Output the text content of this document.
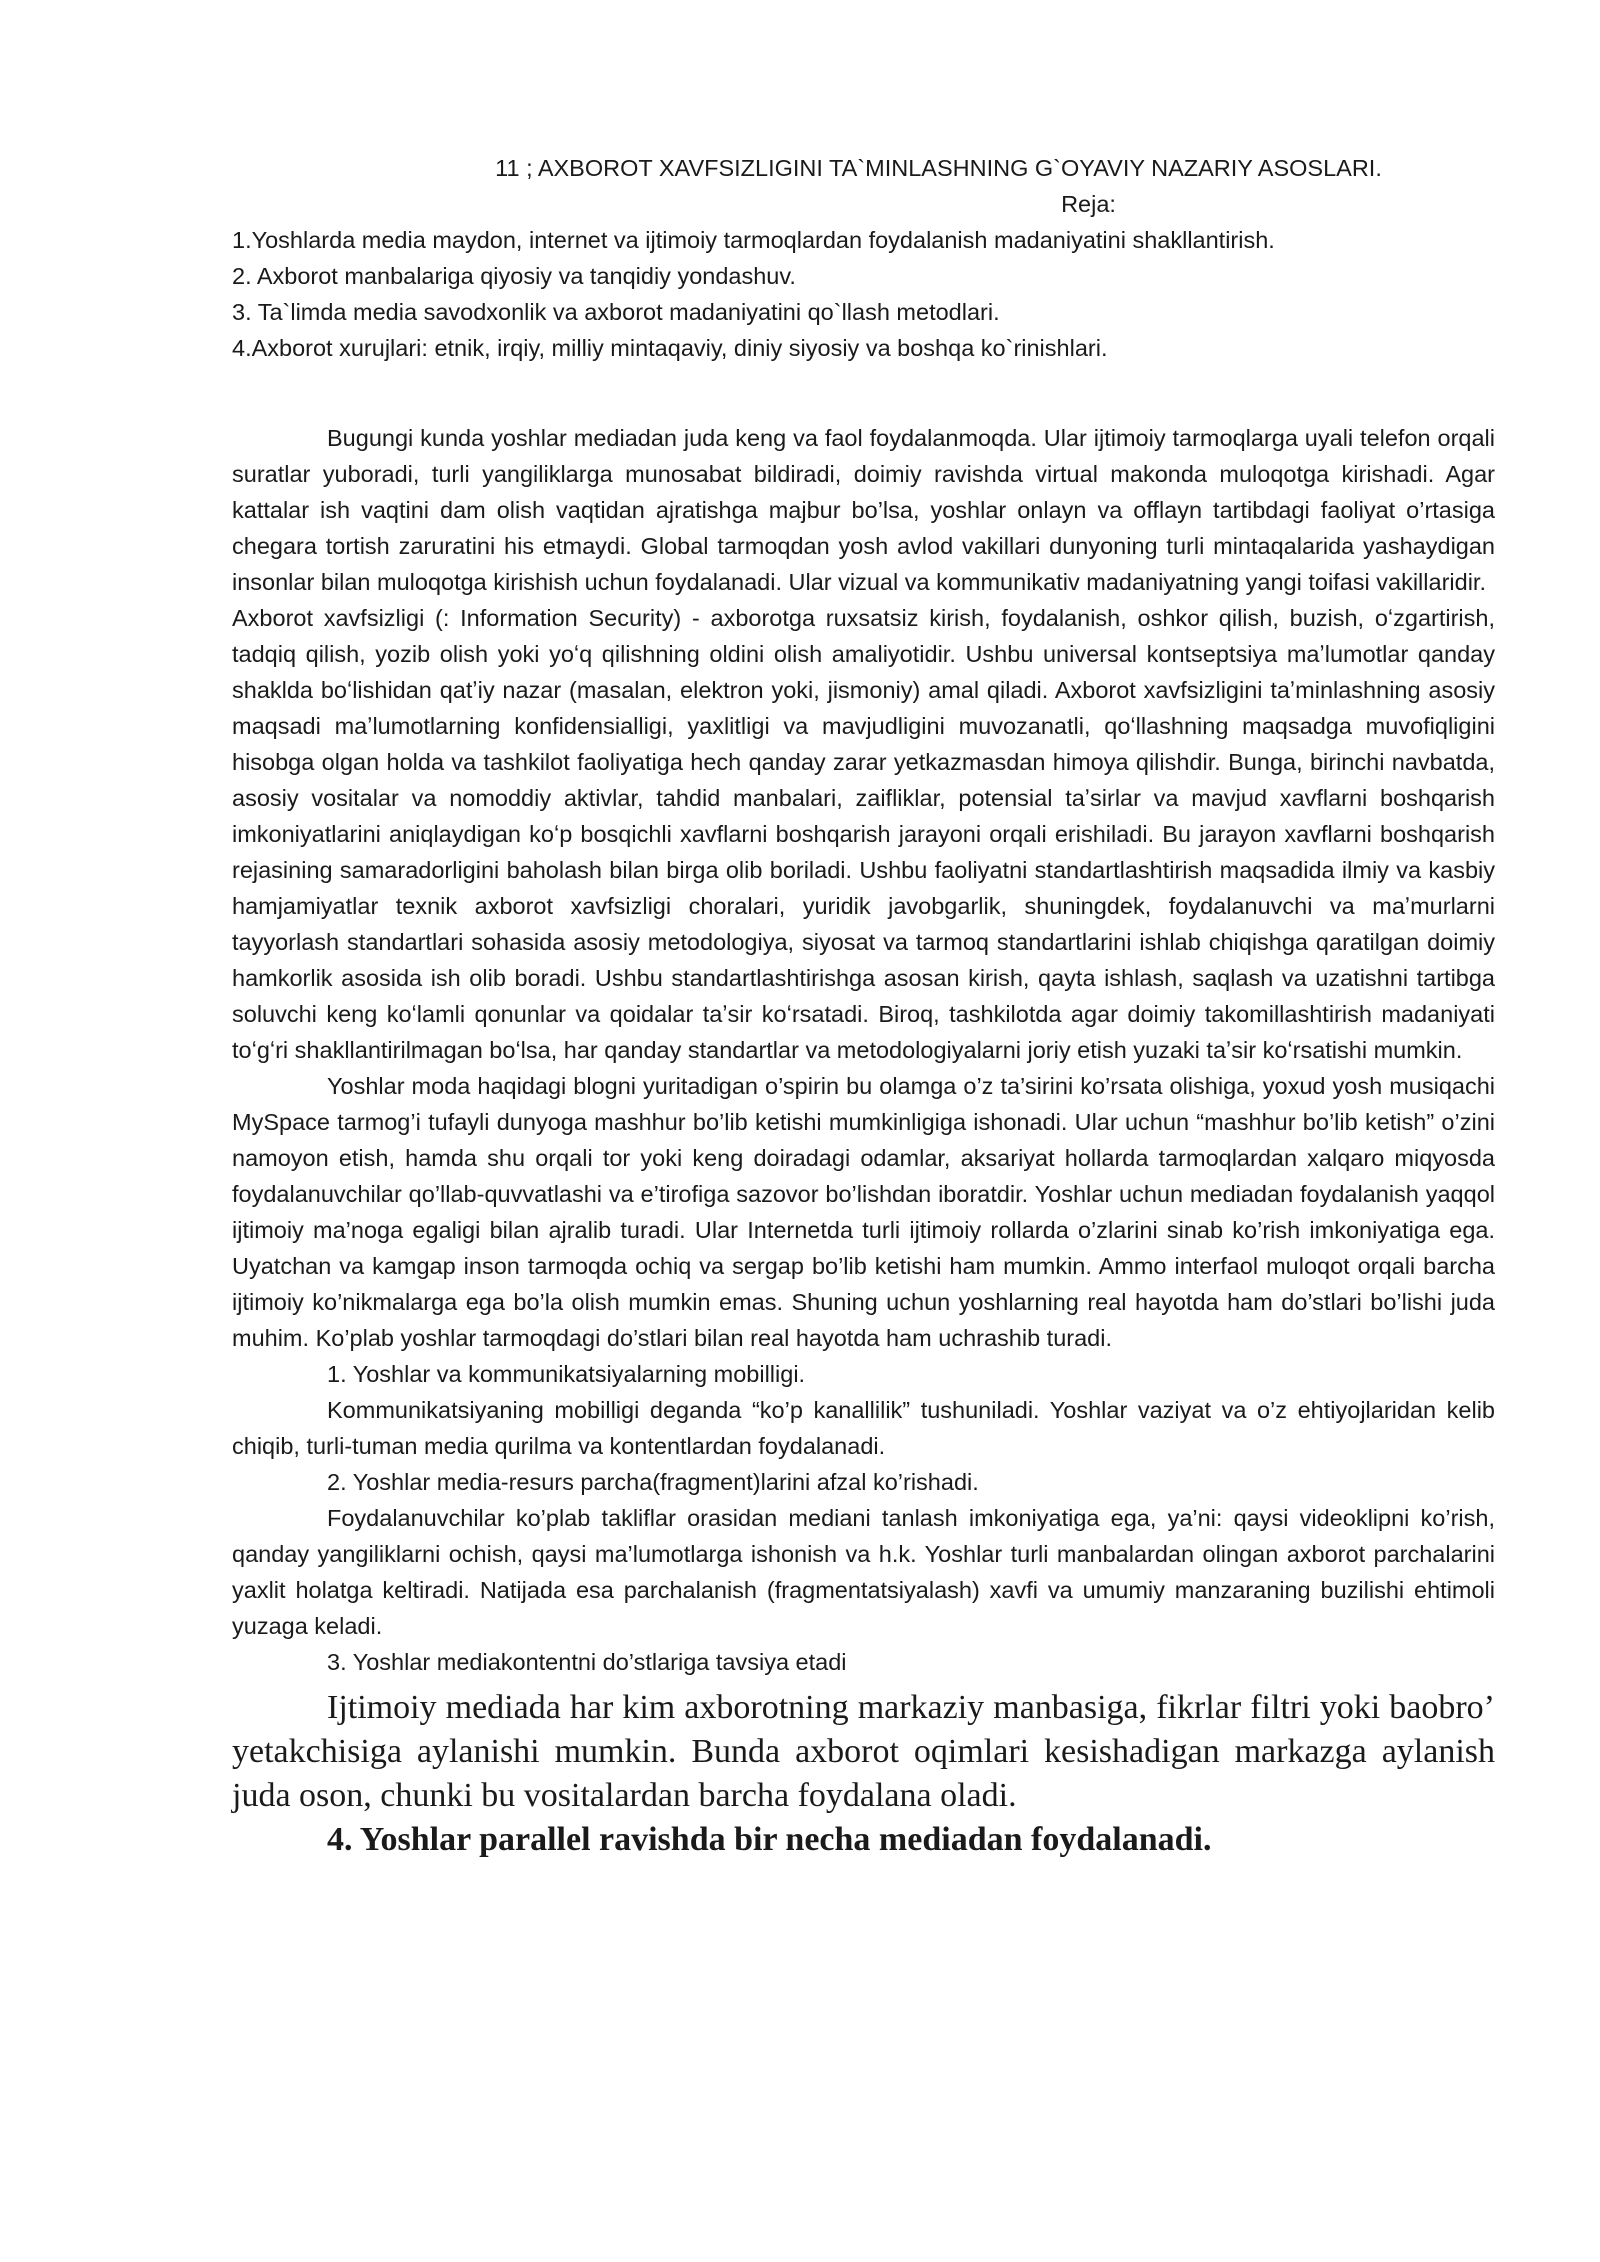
11 ; AXBOROT XAVFSIZLIGINI TA`MINLASHNING G`OYAVIY NAZARIY ASOSLARI.

Reja:

1.Yoshlarda media maydon, internet va ijtimoiy tarmoqlardan foydalanish madaniyatini shakllantirish.

2. Axborot manbalariga qiyosiy va tanqidiy yondashuv.

3. Ta`limda media savodxonlik va axborot madaniyatini qo`llash metodlari.

4.Axborot xurujlari: etnik, irqiy, milliy mintaqaviy, diniy siyosiy va boshqa ko`rinishlari.

Bugungi kunda yoshlar mediadan juda keng va faol foydalanmoqda. Ular ijtimoiy tarmoqlarga uyali telefon orqali suratlar yuboradi, turli yangiliklarga munosabat bildiradi, doimiy ravishda virtual makonda muloqotga kirishadi. Agar kattalar ish vaqtini dam olish vaqtidan ajratishga majbur bo’lsa, yoshlar onlayn va offlayn tartibdagi faoliyat o’rtasiga chegara tortish zaruratini his etmaydi. Global tarmoqdan yosh avlod vakillari dunyoning turli mintaqalarida yashaydigan insonlar bilan muloqotga kirishish uchun foydalanadi. Ular vizual va kommunikativ madaniyatning yangi toifasi vakillaridir.

Axborot xavfsizligi (: Information Security) - axborotga ruxsatsiz kirish, foydalanish, oshkor qilish, buzish, oʻzgartirish, tadqiq qilish, yozib olish yoki yoʻq qilishning oldini olish amaliyotidir. Ushbu universal kontseptsiya maʼlumotlar qanday shaklda boʻlishidan qatʼiy nazar (masalan, elektron yoki, jismoniy) amal qiladi. Axborot xavfsizligini taʼminlashning asosiy maqsadi maʼlumotlarning konfidensialligi, yaxlitligi va mavjudligini muvozanatli, qoʻllashning maqsadga muvofiqligini hisobga olgan holda va tashkilot faoliyatiga hech qanday zarar yetkazmasdan himoya qilishdir. Bunga, birinchi navbatda, asosiy vositalar va nomoddiy aktivlar, tahdid manbalari, zaifliklar, potensial taʼsirlar va mavjud xavflarni boshqarish imkoniyatlarini aniqlaydigan koʻp bosqichli xavflarni boshqarish jarayoni orqali erishiladi. Bu jarayon xavflarni boshqarish rejasining samaradorligini baholash bilan birga olib boriladi. Ushbu faoliyatni standartlashtirish maqsadida ilmiy va kasbiy hamjamiyatlar texnik axborot xavfsizligi choralari, yuridik javobgarlik, shuningdek, foydalanuvchi va maʼmurlarni tayyorlash standartlari sohasida asosiy metodologiya, siyosat va tarmoq standartlarini ishlab chiqishga qaratilgan doimiy hamkorlik asosida ish olib boradi. Ushbu standartlashtirishga asosan kirish, qayta ishlash, saqlash va uzatishni tartibga soluvchi keng koʻlamli qonunlar va qoidalar taʼsir koʻrsatadi. Biroq, tashkilotda agar doimiy takomillashtirish madaniyati toʻgʻri shakllantirilmagan boʻlsa, har qanday standartlar va metodologiyalarni joriy etish yuzaki taʼsir koʻrsatishi mumkin.

Yoshlar moda haqidagi blogni yuritadigan o’spirin bu olamga o’z ta’sirini ko’rsata olishiga, yoxud yosh musiqachi MySpace tarmog’i tufayli dunyoga mashhur bo’lib ketishi mumkinligiga ishonadi. Ular uchun “mashhur bo’lib ketish” o’zini namoyon etish, hamda shu orqali tor yoki keng doiradagi odamlar, aksariyat hollarda tarmoqlardan xalqaro miqyosda foydalanuvchilar qo’llab-quvvatlashi va e’tirofiga sazovor bo’lishdan iboratdir. Yoshlar uchun mediadan foydalanish yaqqol ijtimoiy ma’noga egaligi bilan ajralib turadi. Ular Internetda turli ijtimoiy rollarda o’zlarini sinab ko’rish imkoniyatiga ega. Uyatchan va kamgap inson tarmoqda ochiq va sergap bo’lib ketishi ham mumkin. Ammo interfaol muloqot orqali barcha ijtimoiy ko’nikmalarga ega bo’la olish mumkin emas. Shuning uchun yoshlarning real hayotda ham do’stlari bo’lishi juda muhim. Ko’plab yoshlar tarmoqdagi do’stlari bilan real hayotda ham uchrashib turadi.

1. Yoshlar va kommunikatsiyalarning mobilligi.

Kommunikatsiyaning mobilligi deganda “ko’p kanallilik” tushuniladi. Yoshlar vaziyat va o’z ehtiyojlaridan kelib chiqib, turli-tuman media qurilma va kontentlardan foydalanadi.

2. Yoshlar media-resurs parcha(fragment)larini afzal ko’rishadi.

Foydalanuvchilar ko’plab takliflar orasidan mediani tanlash imkoniyatiga ega, ya’ni: qaysi videoklipni ko’rish, qanday yangiliklarni ochish, qaysi ma’lumotlarga ishonish va h.k. Yoshlar turli manbalardan olingan axborot parchalarini yaxlit holatga keltiradi. Natijada esa parchalanish (fragmentatsiyalash) xavfi va umumiy manzaraning buzilishi ehtimoli yuzaga keladi.

3. Yoshlar mediakontentni do’stlariga tavsiya etadi

Ijtimoiy mediada har kim axborotning markaziy manbasiga, fikrlar filtri yoki baobro’ yetakchisiga aylanishi mumkin. Bunda axborot oqimlari kesishadigan markazga aylanish juda oson, chunki bu vositalardan barcha foydalana oladi.

4. Yoshlar parallel ravishda bir necha mediadan foydalanadi.
